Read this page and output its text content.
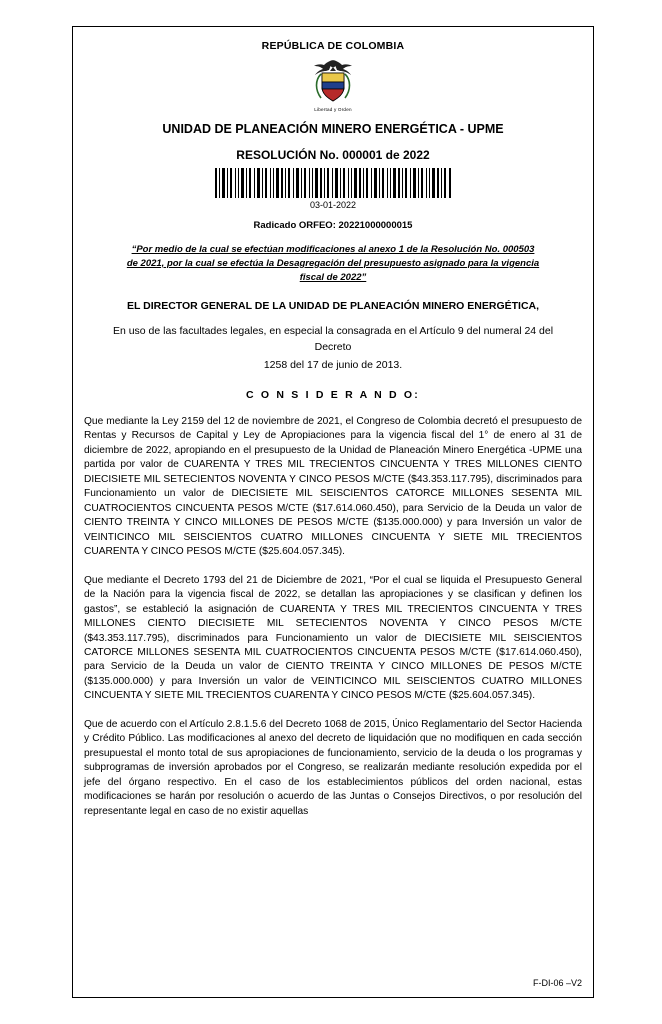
REPÚBLICA DE COLOMBIA
Libertad y Orden
UNIDAD DE PLANEACIÓN MINERO ENERGÉTICA - UPME
RESOLUCIÓN No. 000001 de 2022
03-01-2022
Radicado ORFEO: 20221000000015
“Por medio de la cual se efectúan modificaciones al anexo 1 de la Resolución No. 000503 de 2021, por la cual se efectúa la Desagregación del presupuesto asignado para la vigencia fiscal de 2022”
EL DIRECTOR GENERAL DE LA UNIDAD DE PLANEACIÓN MINERO ENERGÉTICA,
En uso de las facultades legales, en especial la consagrada en el Artículo 9 del numeral 24 del Decreto
1258 del 17 de junio de 2013.
C O N S I D E R A N D O:

Que mediante la Ley 2159 del 12 de noviembre de 2021, el Congreso de Colombia decretó el presupuesto de Rentas y Recursos de Capital y Ley de Apropiaciones para la vigencia fiscal del 1° de enero al 31 de diciembre de 2022, apropiando en el presupuesto de la Unidad de Planeación Minero Energética -UPME una partida por valor de CUARENTA Y TRES MIL TRECIENTOS CINCUENTA Y TRES MILLONES CIENTO DIECISIETE MIL SETECIENTOS NOVENTA Y CINCO PESOS M/CTE ($43.353.117.795), discriminados para Funcionamiento un valor de DIECISIETE MIL SEISCIENTOS CATORCE MILLONES SESENTA MIL CUATROCIENTOS CINCUENTA PESOS M/CTE ($17.614.060.450), para Servicio de la Deuda un valor de CIENTO TREINTA Y CINCO MILLONES DE PESOS M/CTE ($135.000.000) y para Inversión un valor de VEINTICINCO MIL SEISCIENTOS CUATRO MILLONES CINCUENTA Y SIETE MIL TRECIENTOS CUARENTA Y CINCO PESOS M/CTE ($25.604.057.345).

Que mediante el Decreto 1793 del 21 de Diciembre de 2021, “Por el cual se liquida el Presupuesto General de la Nación para la vigencia fiscal de 2022, se detallan las apropiaciones y se clasifican y definen los gastos”, se estableció la asignación de CUARENTA Y TRES MIL TRECIENTOS CINCUENTA Y TRES MILLONES CIENTO DIECISIETE MIL SETECIENTOS NOVENTA Y CINCO PESOS M/CTE ($43.353.117.795), discriminados para Funcionamiento un valor de DIECISIETE MIL SEISCIENTOS CATORCE MILLONES SESENTA MIL CUATROCIENTOS CINCUENTA PESOS M/CTE ($17.614.060.450), para Servicio de la Deuda un valor de CIENTO TREINTA Y CINCO MILLONES DE PESOS M/CTE ($135.000.000) y para Inversión un valor de VEINTICINCO MIL SEISCIENTOS CUATRO MILLONES CINCUENTA Y SIETE MIL TRECIENTOS CUARENTA Y CINCO PESOS M/CTE ($25.604.057.345).

Que de acuerdo con el Artículo 2.8.1.5.6 del Decreto 1068 de 2015, Único Reglamentario del Sector Hacienda y Crédito Público. Las modificaciones al anexo del decreto de liquidación que no modifiquen en cada sección presupuestal el monto total de sus apropiaciones de funcionamiento, servicio de la deuda o los programas y subprogramas de inversión aprobados por el Congreso, se realizarán mediante resolución expedida por el jefe del órgano respectivo. En el caso de los establecimientos públicos del orden nacional, estas modificaciones se harán por resolución o acuerdo de las Juntas o Consejos Directivos, o por resolución del representante legal en caso de no existir aquellas

F-DI-06 –V2
